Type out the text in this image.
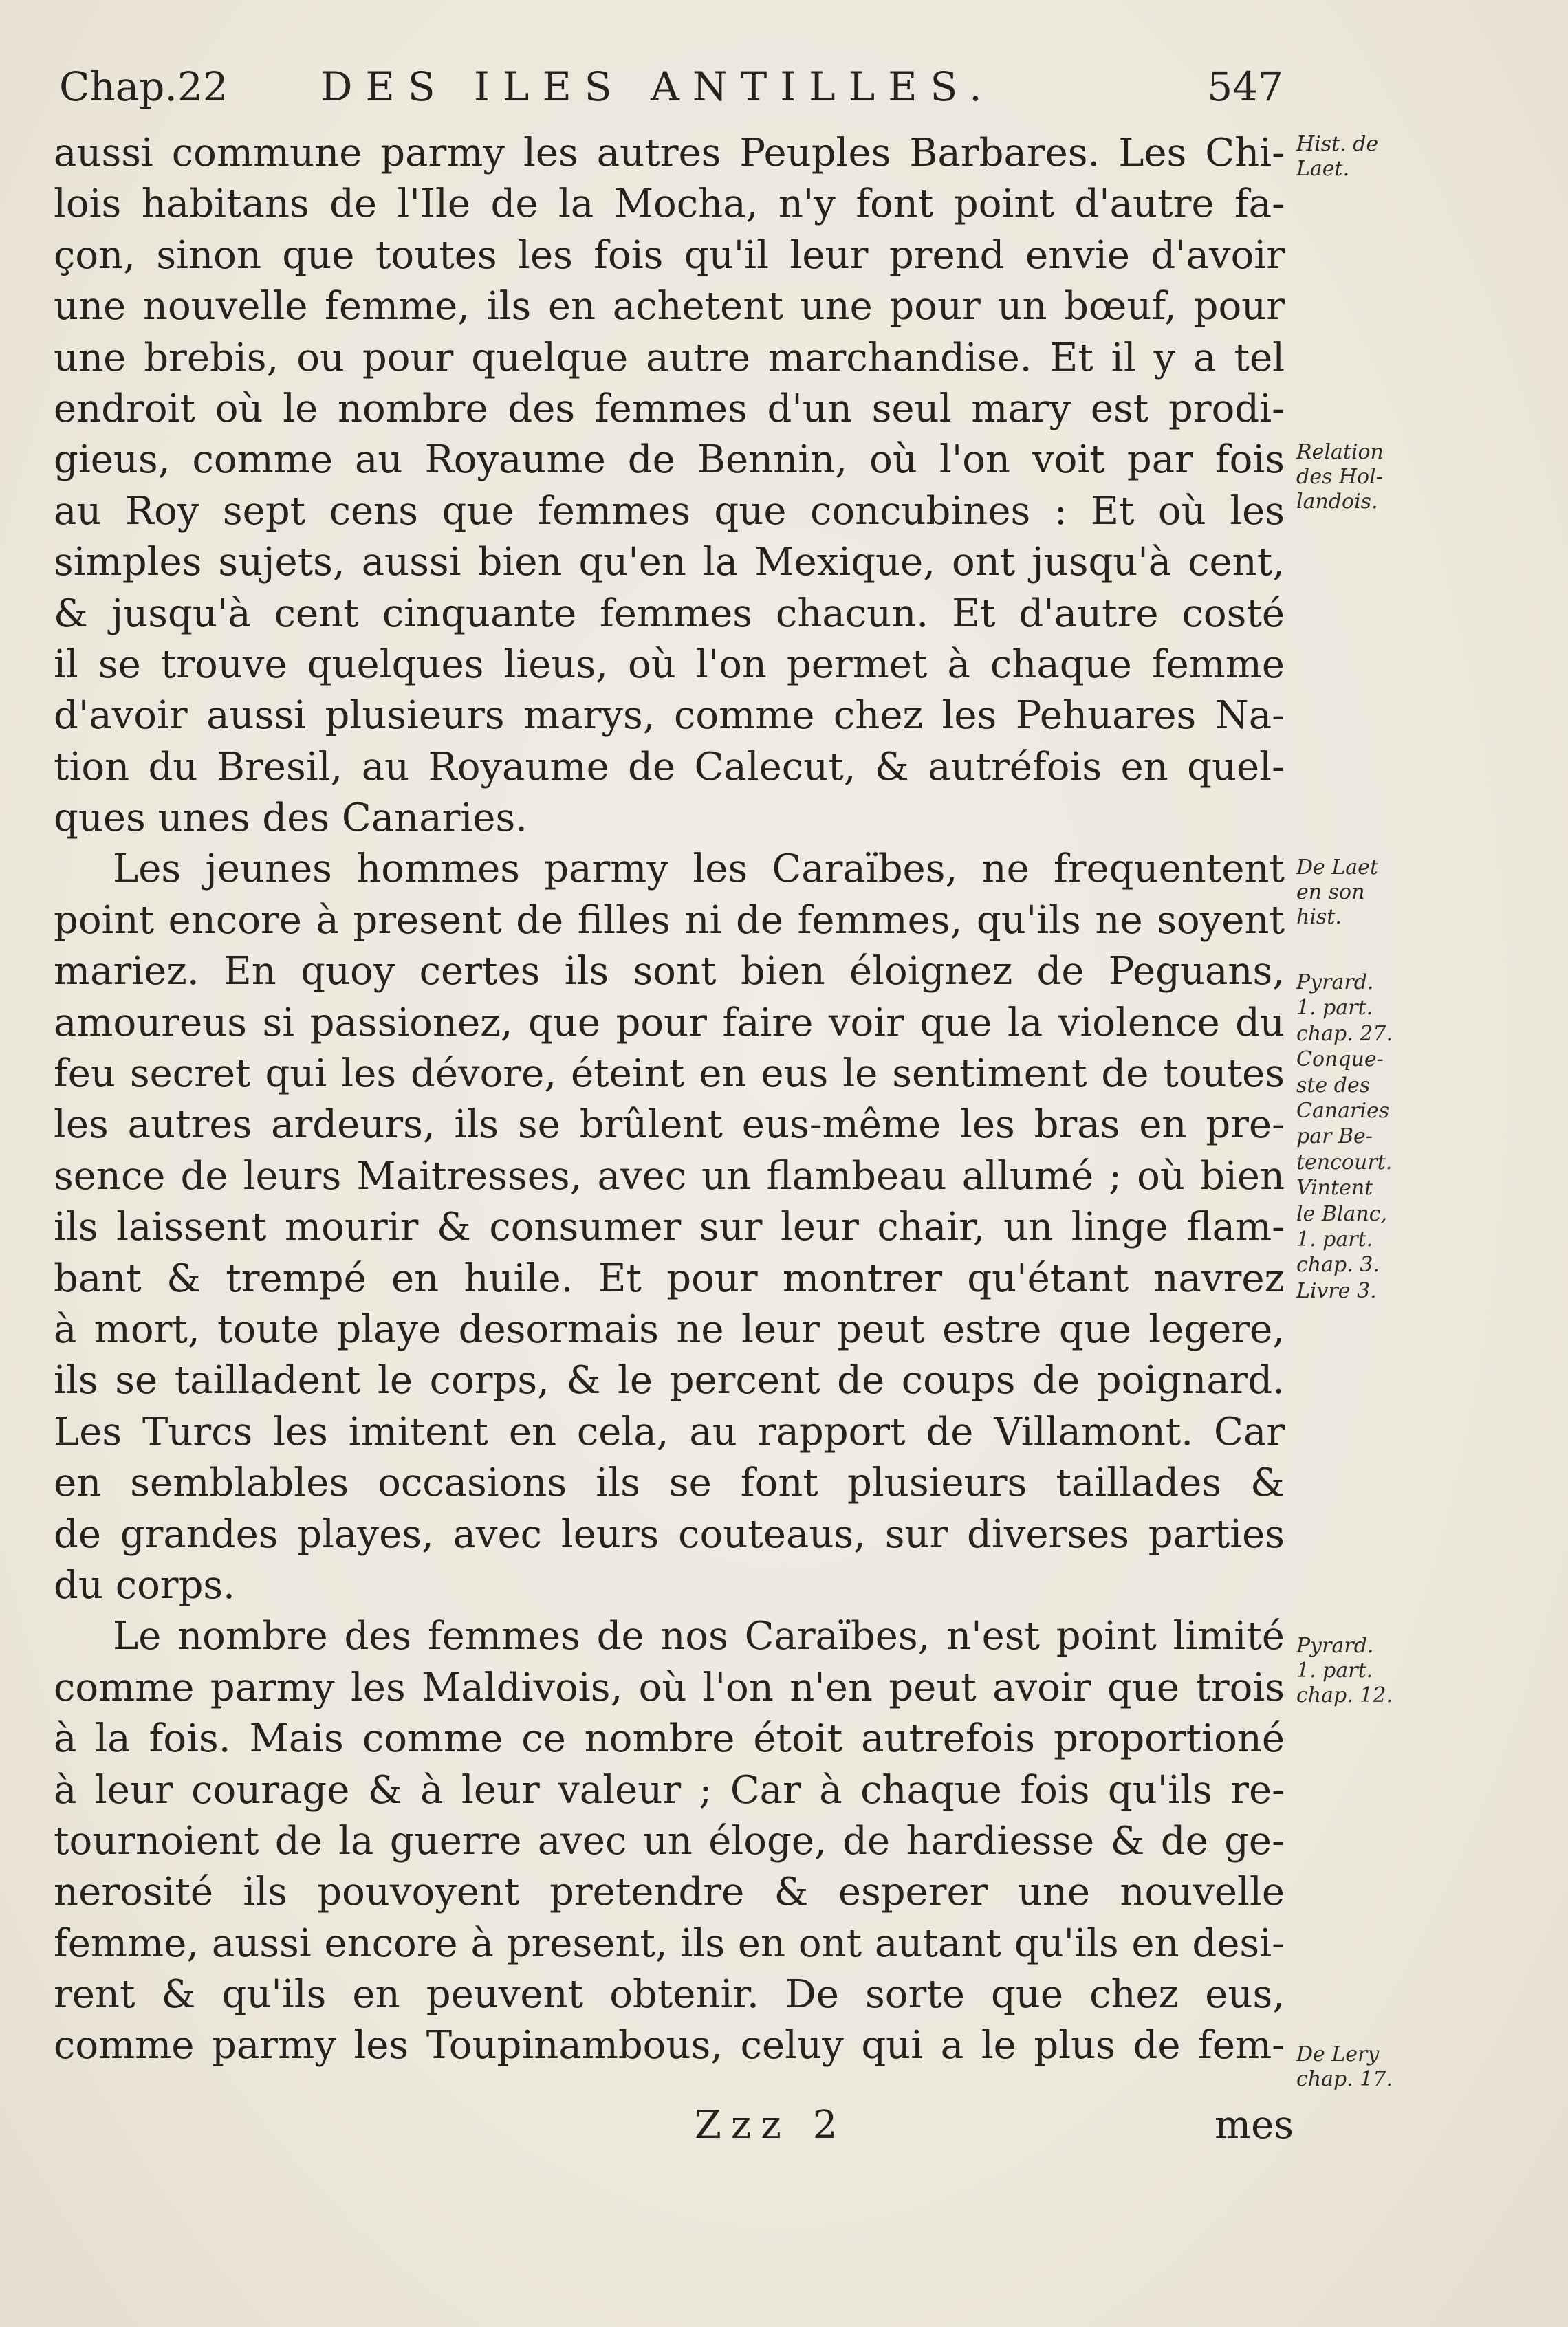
Chap.22 DES ILES ANTILLES.	547
aussi commune parmy les autres Peuples Barbares. Les Chi-
lois habitans de l'Ile de la Mocha, n'y font point d'autre fa-
çon, sinon que toutes les fois qu'il leur prend envie d'avoir
une nouvelle femme, ils en achetent une pour un bœuf, pour
une brebis, ou pour quelque autre marchandise. Et il y a tel
endroit où le nombre des femmes d'un seul mary est prodi-
gieus, comme au Royaume de Bennin, où l'on voit par fois
au Roy sept cens que femmes que concubines : Et où les
simples sujets, aussi bien qu'en la Mexique, ont jusqu'à cent,
& jusqu'à cent cinquante femmes chacun. Et d'autre costé
il se trouve quelques lieus, où l'on permet à chaque femme
d'avoir aussi plusieurs marys, comme chez les Pehuares Na-
tion du Bresil, au Royaume de Calecut, & autréfois en quel-
ques unes des Canaries.
Les jeunes hommes parmy les Caraïbes, ne frequentent
point encore à present de filles ni de femmes, qu'ils ne soyent
mariez. En quoy certes ils sont bien éloignez de Peguans,
amoureus si passionez, que pour faire voir que la violence du
feu secret qui les dévore, éteint en eus le sentiment de toutes
les autres ardeurs, ils se brûlent eus-même les bras en pre-
sence de leurs Maitresses, avec un flambeau allumé ; où bien
ils laissent mourir & consumer sur leur chair, un linge flam-
bant & trempé en huile. Et pour montrer qu'étant navrez
à mort, toute playe desormais ne leur peut estre que legere,
ils se tailladent le corps, & le percent de coups de poignard.
Les Turcs les imitent en cela, au rapport de Villamont. Car
en semblables occasions ils se font plusieurs taillades &
de grandes playes, avec leurs couteaus, sur diverses parties
du corps.
Le nombre des femmes de nos Caraïbes, n'est point limité
comme parmy les Maldivois, où l'on n'en peut avoir que trois
à la fois. Mais comme ce nombre étoit autrefois proportioné
à leur courage & à leur valeur ; Car à chaque fois qu'ils re-
tournoient de la guerre avec un éloge, de hardiesse & de ge-
nerosité ils pouvoyent pretendre & esperer une nouvelle
femme, aussi encore à present, ils en ont autant qu'ils en desi-
rent & qu'ils en peuvent obtenir. De sorte que chez eus,
comme parmy les Toupinambous, celuy qui a le plus de fem-
Hist. de
Laet.
Relation
des Hol-
landois.
De Laet
en son
hist.
Pyrard.
1. part.
chap. 27.
Conque-
ste des
Canaries
par Be-
tencourt.
Vintent
le Blanc,
1. part.
chap. 3.
Livre 3.
Pyrard.
1. part.
chap. 12.
De Lery
chap. 17.
Zzz 2	mes
